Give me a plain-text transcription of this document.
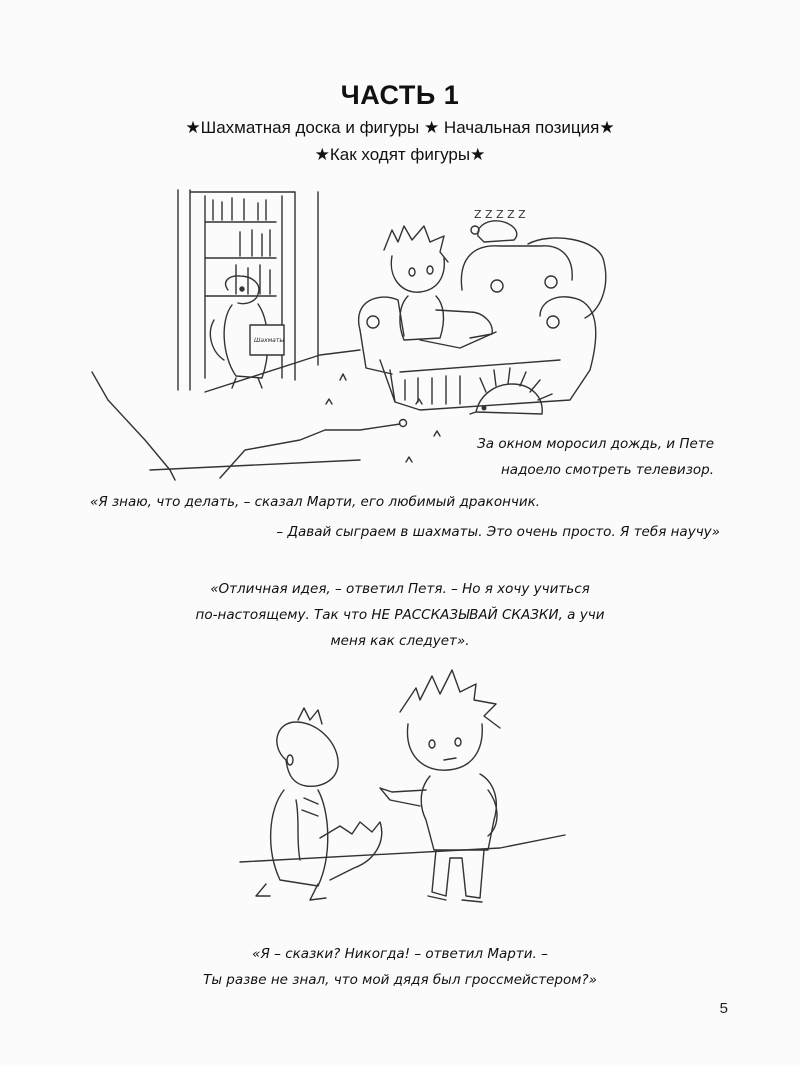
ЧАСТЬ 1
★Шахматная доска и фигуры ★ Начальная позиция★
★Как ходят фигуры★
Шахматы
Z Z Z Z Z
За окном моросил дождь, и Пете
надоело смотреть телевизор.
«Я знаю, что делать, – сказал Марти, его любимый дракончик.
– Давай сыграем в шахматы. Это очень просто. Я тебя научу»
«Отличная идея, – ответил Петя. – Но я хочу учиться
по-настоящему. Так что НЕ РАССКАЗЫВАЙ СКАЗКИ, а учи
меня как следует».
«Я – сказки? Никогда! – ответил Марти. –
Ты разве не знал, что мой дядя был гроссмейстером?»
5
